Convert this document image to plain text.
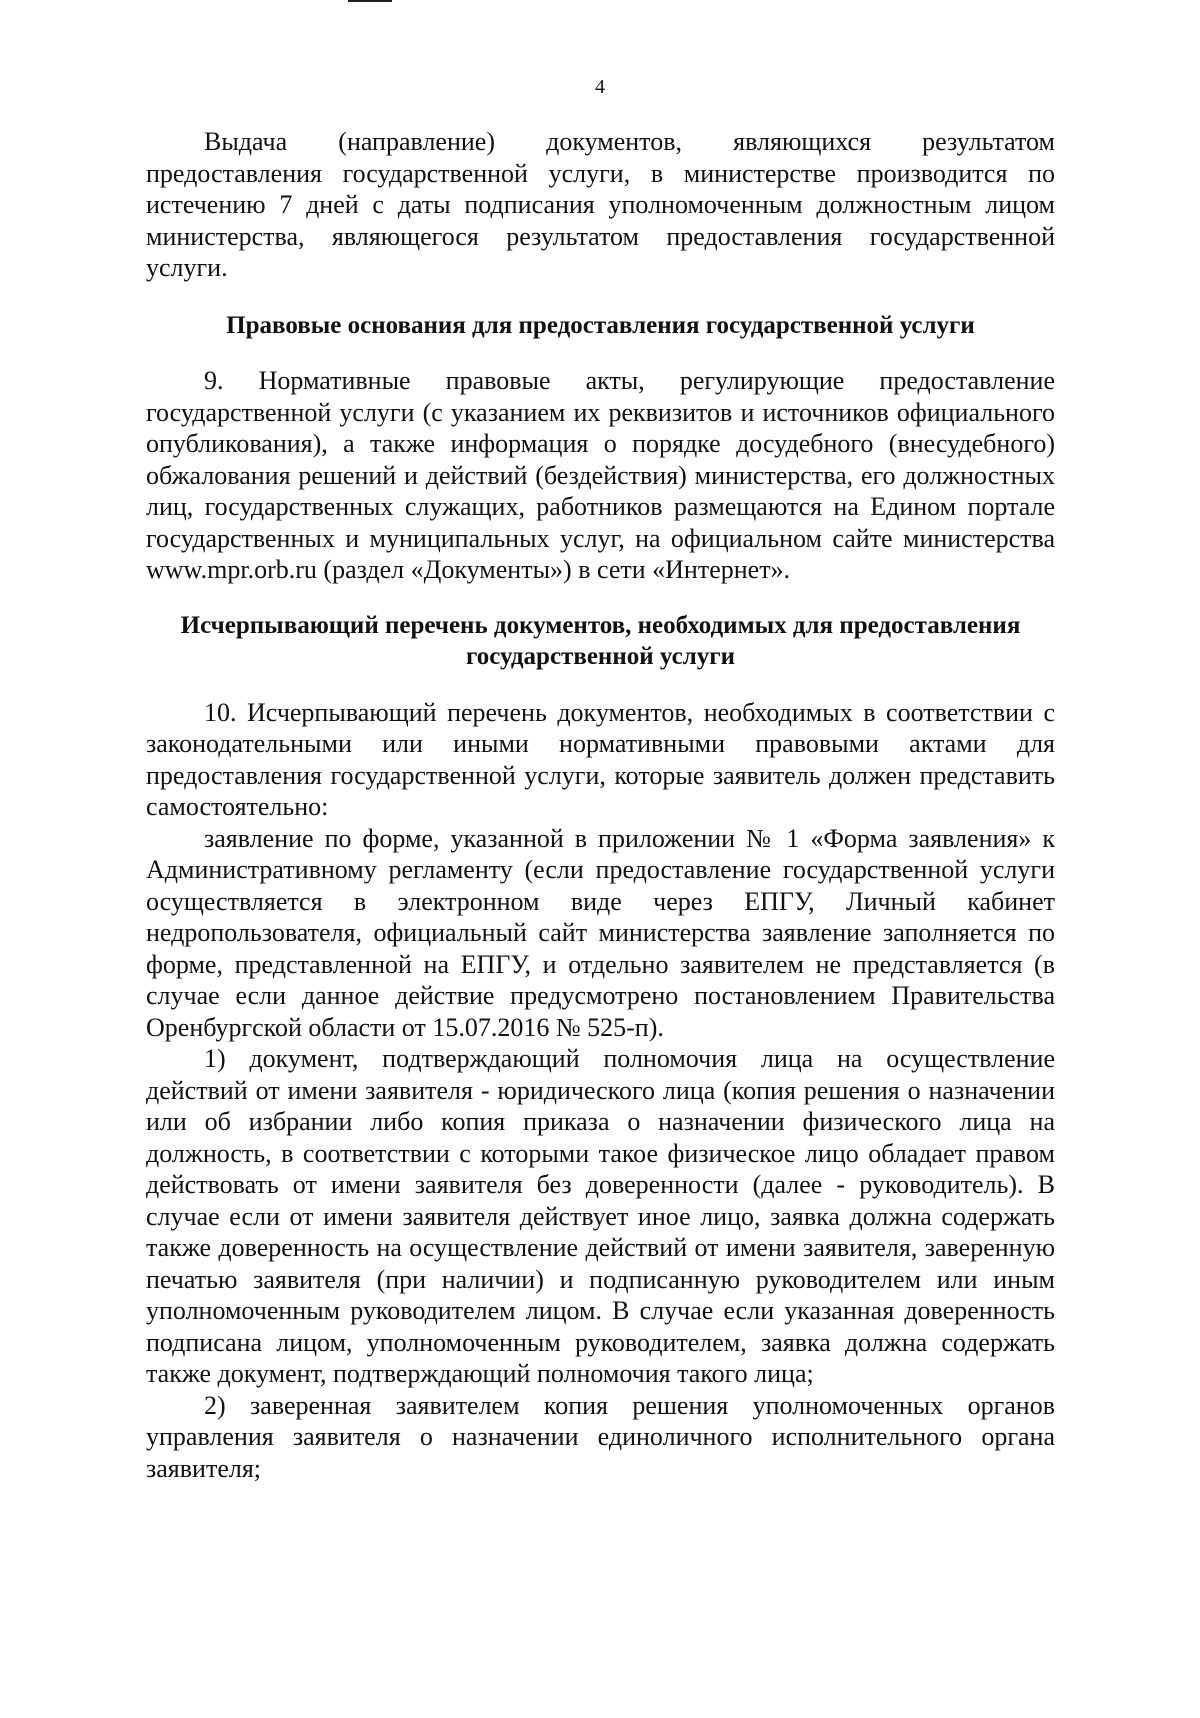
4

Выдача (направление) документов, являющихся результатом предоставления государственной услуги, в министерстве производится по истечению 7 дней с даты подписания уполномоченным должностным лицом министерства, являющегося результатом предоставления государственной услуги.

Правовые основания для предоставления государственной услуги

9. Нормативные правовые акты, регулирующие предоставление государственной услуги (с указанием их реквизитов и источников официального опубликования), а также информация о порядке досудебного (внесудебного) обжалования решений и действий (бездействия) министерства, его должностных лиц, государственных служащих, работников размещаются на Едином портале государственных и муниципальных услуг, на официальном сайте министерства www.mpr.orb.ru (раздел «Документы») в сети «Интернет».

Исчерпывающий перечень документов, необходимых для предоставления
государственной услуги

10. Исчерпывающий перечень документов, необходимых в соответствии с законодательными или иными нормативными правовыми актами для предоставления государственной услуги, которые заявитель должен представить самостоятельно:

заявление по форме, указанной в приложении № 1 «Форма заявления» к Административному регламенту (если предоставление государственной услуги осуществляется в электронном виде через ЕПГУ, Личный кабинет недропользователя, официальный сайт министерства заявление заполняется по форме, представленной на ЕПГУ, и отдельно заявителем не представляется (в случае если данное действие предусмотрено постановлением Правительства Оренбургской области от 15.07.2016 № 525-п).

1) документ, подтверждающий полномочия лица на осуществление действий от имени заявителя - юридического лица (копия решения о назначении или об избрании либо копия приказа о назначении физического лица на должность, в соответствии с которыми такое физическое лицо обладает правом действовать от имени заявителя без доверенности (далее - руководитель). В случае если от имени заявителя действует иное лицо, заявка должна содержать также доверенность на осуществление действий от имени заявителя, заверенную печатью заявителя (при наличии) и подписанную руководителем или иным уполномоченным руководителем лицом. В случае если указанная доверенность подписана лицом, уполномоченным руководителем, заявка должна содержать также документ, подтверждающий полномочия такого лица;

2) заверенная заявителем копия решения уполномоченных органов управления заявителя о назначении единоличного исполнительного органа заявителя;
